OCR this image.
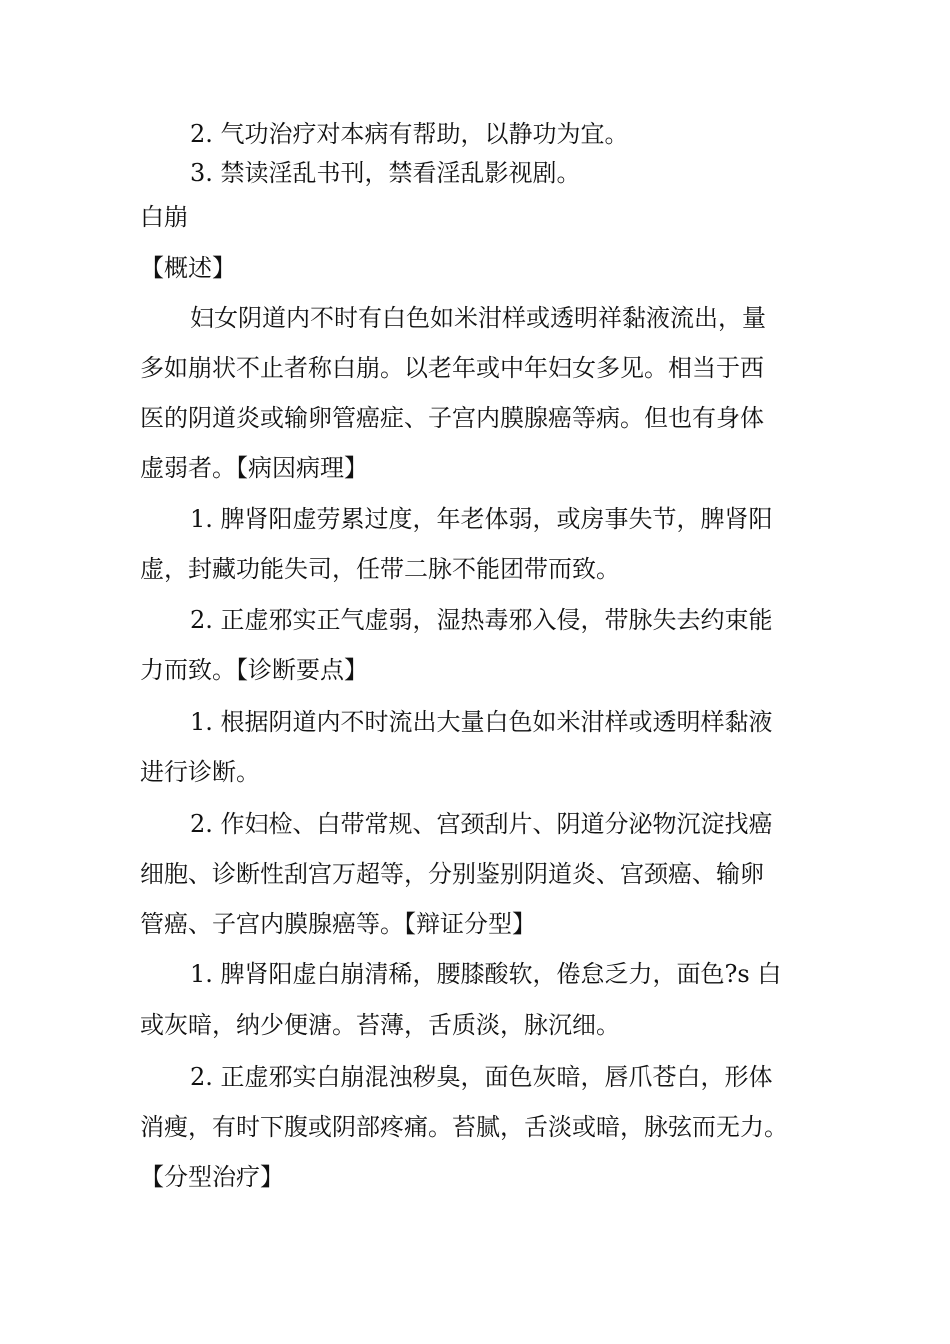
2. 气功治疗对本病有帮助，以静功为宜。
3. 禁读淫乱书刊，禁看淫乱影视剧。
白崩
【概述】
妇女阴道内不时有白色如米泔样或透明祥黏液流出，量
多如崩状不止者称白崩。以老年或中年妇女多见。相当于西
医的阴道炎或输卵管癌症、子宫内膜腺癌等病。但也有身体
虚弱者。【病因病理】
1. 脾肾阳虚劳累过度，年老体弱，或房事失节，脾肾阳
虚，封藏功能失司，任带二脉不能团带而致。
2. 正虚邪实正气虚弱，湿热毒邪入侵，带脉失去约束能
力而致。【诊断要点】
1. 根据阴道内不时流出大量白色如米泔样或透明样黏液
进行诊断。
2. 作妇检、白带常规、宫颈刮片、阴道分泌物沉淀找癌
细胞、诊断性刮宫万超等，分别鉴别阴道炎、宫颈癌、输卵
管癌、子宫内膜腺癌等。【辩证分型】
1. 脾肾阳虚白崩清稀，腰膝酸软，倦怠乏力，面色?s 白
或灰暗，纳少便溏。苔薄，舌质淡，脉沉细。
2. 正虚邪实白崩混浊秽臭，面色灰暗，唇爪苍白，形体
消瘦，有时下腹或阴部疼痛。苔腻，舌淡或暗，脉弦而无力。
【分型治疗】
